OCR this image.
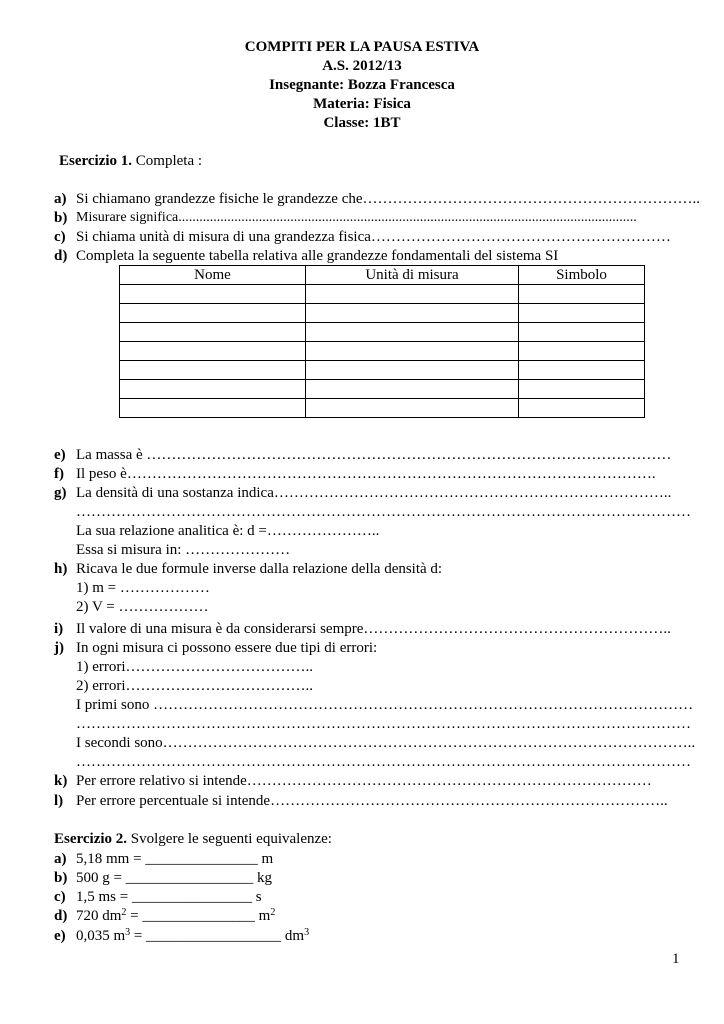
COMPITI PER LA PAUSA ESTIVA
A.S. 2012/13
Insegnante: Bozza Francesca
Materia: Fisica
Classe: 1BT
Esercizio 1. Completa :
a) Si chiamano grandezze fisiche le grandezze che…………………………………………………………..
b) Misurare significa...................................................................................................................................
c) Si chiama unità di misura di una grandezza fisica……………………………………………………
d) Completa la seguente tabella relativa alle grandezze fondamentali del sistema SI
Nome	Unità di misura	Simbolo

e) La massa è ……………………………………………………………………………………………
f) Il peso è…………………………………………………………………………………………….
g) La densità di una sostanza indica……………………………………………………………………..
……………………………………………………………………………………………………………
La sua relazione analitica è: d =…………………..
Essa si misura in: …………………
h) Ricava le due formule inverse dalla relazione della densità d:
1) m = ………………
2) V = ………………
i) Il valore di una misura è da considerarsi sempre……………………………………………………..
j) In ogni misura ci possono essere due tipi di errori:
1) errori………………………………..
2) errori………………………………..
I primi sono ………………………………………………………………………………………………
……………………………………………………………………………………………………………
I secondi sono……………………………………………………………………………………………..
……………………………………………………………………………………………………………
k) Per errore relativo si intende………………………………………………………………………
l) Per errore percentuale si intende……………………………………………………………………..
Esercizio 2. Svolgere le seguenti equivalenze:
a) 5,18 mm = _______________ m
b) 500 g = _________________ kg
c) 1,5 ms = ________________ s
d) 720 $dm^2$ = _______________ $m^2$
e) 0,035 $m^3$ = __________________ $dm^3$
1
